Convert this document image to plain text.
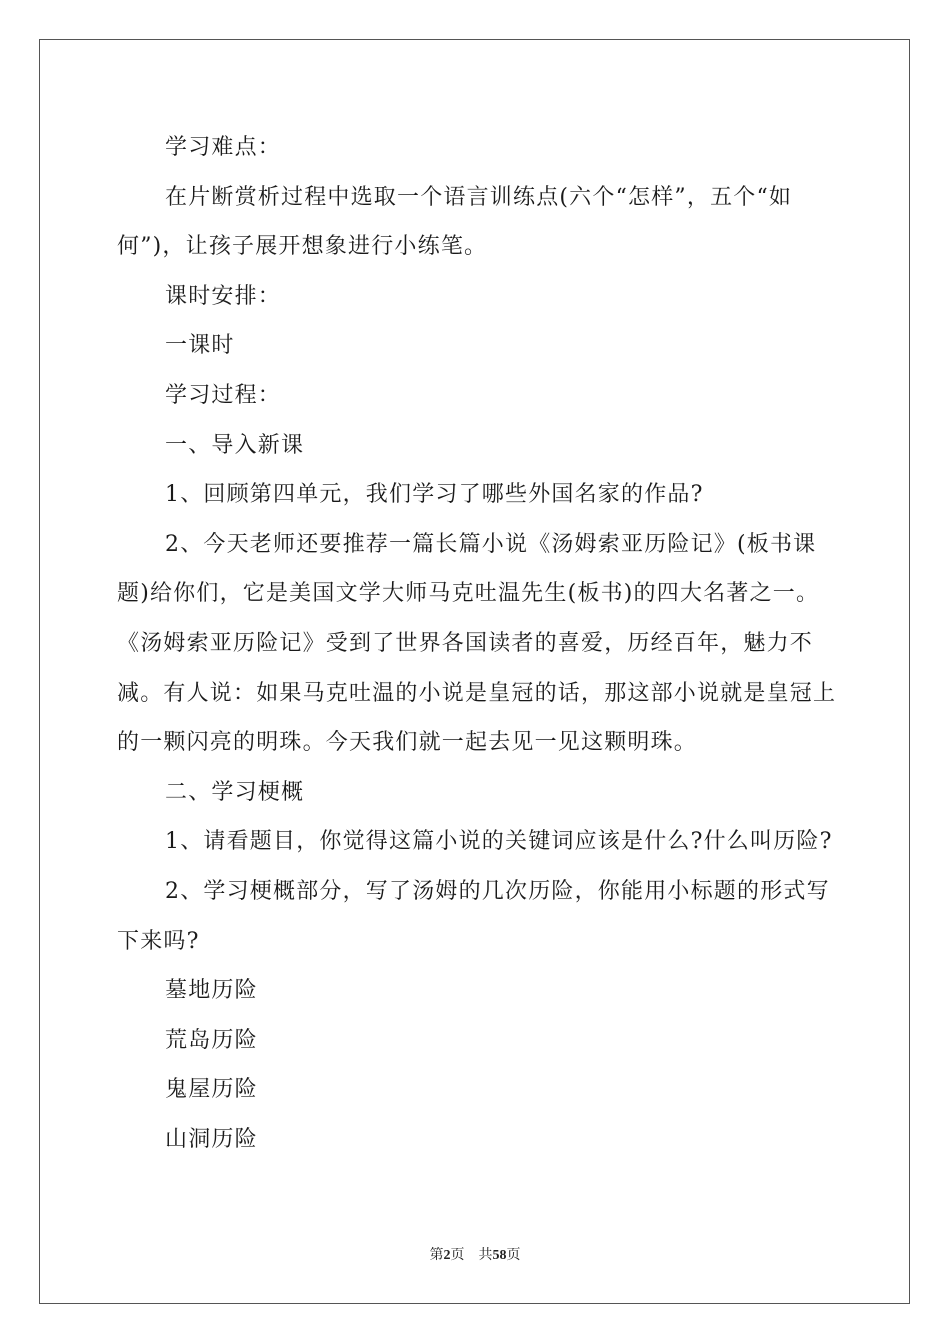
学习难点：

在片断赏析过程中选取一个语言训练点(六个“怎样”，五个“如何”)，让孩子展开想象进行小练笔。

课时安排：

一课时

学习过程：

一、导入新课

1、回顾第四单元，我们学习了哪些外国名家的作品?

2、今天老师还要推荐一篇长篇小说《汤姆索亚历险记》(板书课题)给你们，它是美国文学大师马克吐温先生(板书)的四大名著之一。《汤姆索亚历险记》受到了世界各国读者的喜爱，历经百年，魅力不减。有人说：如果马克吐温的小说是皇冠的话，那这部小说就是皇冠上的一颗闪亮的明珠。今天我们就一起去见一见这颗明珠。

二、学习梗概

1、请看题目，你觉得这篇小说的关键词应该是什么?什么叫历险?

2、学习梗概部分，写了汤姆的几次历险，你能用小标题的形式写下来吗?

墓地历险

荒岛历险

鬼屋历险

山洞历险

第2页 共58页
